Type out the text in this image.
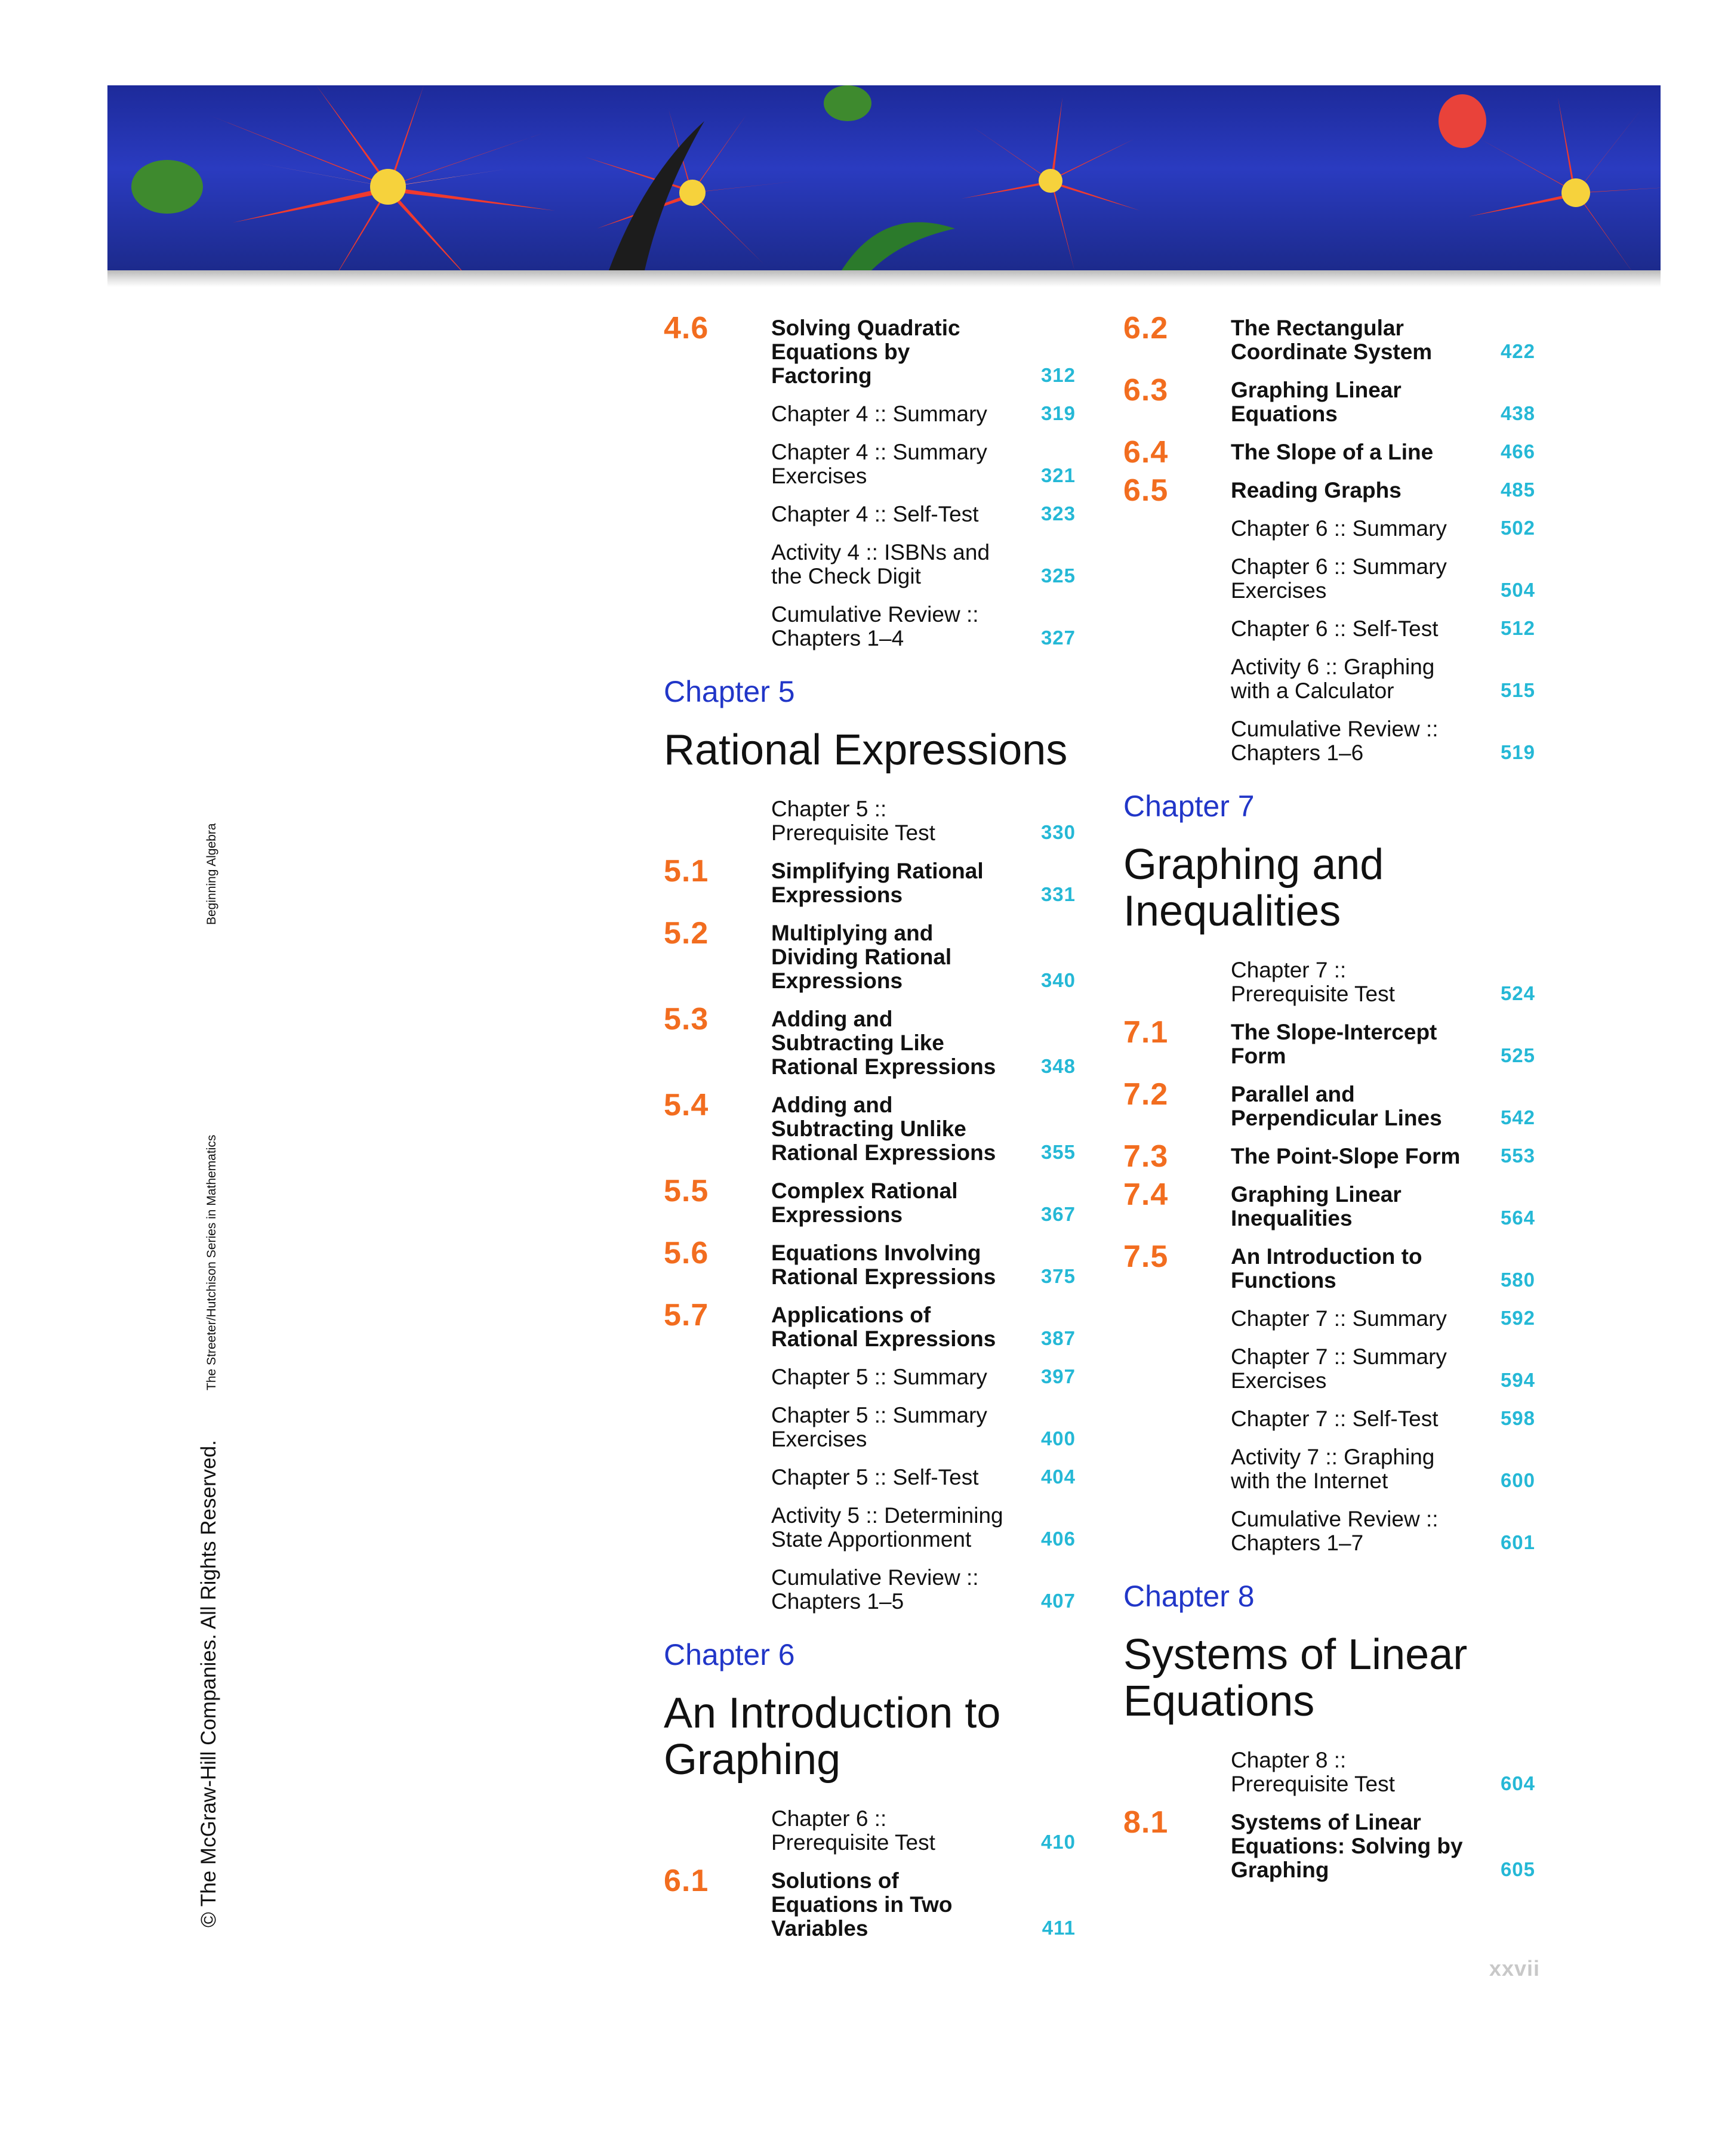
© The McGraw-Hill Companies. All Rights Reserved.The Streeter/Hutchison Series in MathematicsBeginning Algebra
4.6	Solving Quadratic Equations by Factoring	312
Chapter 4 :: Summary	319
Chapter 4 :: Summary Exercises	321
Chapter 4 :: Self-Test	323
Activity 4 :: ISBNs and the Check Digit	325
Cumulative Review :: Chapters 1–4	327
Chapter 5
Rational Expressions
Chapter 5 :: Prerequisite Test	330
5.1	Simplifying Rational Expressions	331
5.2	Multiplying and Dividing Rational Expressions	340
5.3	Adding and Subtracting Like Rational Expressions	348
5.4	Adding and Subtracting Unlike Rational Expressions	355
5.5	Complex Rational Expressions	367
5.6	Equations Involving Rational Expressions	375
5.7	Applications of Rational Expressions	387
Chapter 5 :: Summary	397
Chapter 5 :: Summary Exercises	400
Chapter 5 :: Self-Test	404
Activity 5 :: Determining State Apportionment	406
Cumulative Review :: Chapters 1–5	407
Chapter 6
An Introduction to Graphing
Chapter 6 :: Prerequisite Test	410
6.1	Solutions of Equations in Two Variables	411
6.2	The Rectangular Coordinate System	422
6.3	Graphing Linear Equations	438
6.4	The Slope of a Line	466
6.5	Reading Graphs	485
Chapter 6 :: Summary	502
Chapter 6 :: Summary Exercises	504
Chapter 6 :: Self-Test	512
Activity 6 :: Graphing with a Calculator	515
Cumulative Review :: Chapters 1–6	519
Chapter 7
Graphing and Inequalities
Chapter 7 :: Prerequisite Test	524
7.1	The Slope-Intercept Form	525
7.2	Parallel and Perpendicular Lines	542
7.3	The Point-Slope Form	553
7.4	Graphing Linear Inequalities	564
7.5	An Introduction to Functions	580
Chapter 7 :: Summary	592
Chapter 7 :: Summary Exercises	594
Chapter 7 :: Self-Test	598
Activity 7 :: Graphing with the Internet	600
Cumulative Review :: Chapters 1–7	601
Chapter 8
Systems of Linear Equations
Chapter 8 :: Prerequisite Test	604
8.1	Systems of Linear Equations: Solving by Graphing	605
xxvii
